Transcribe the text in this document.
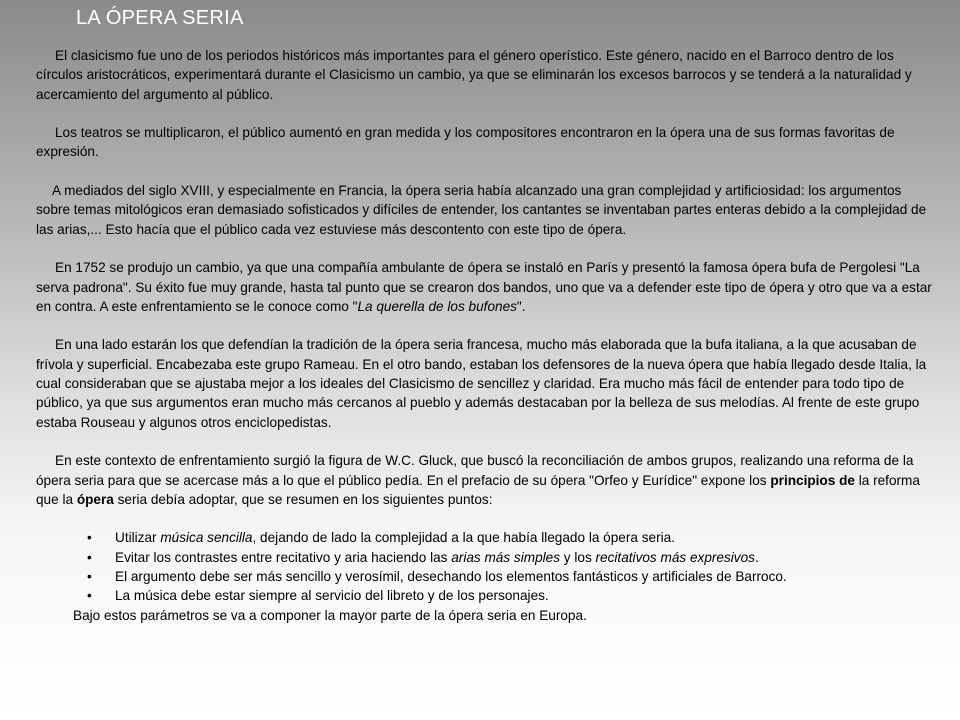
LA ÓPERA SERIA

El clasicismo fue uno de los periodos históricos más importantes para el género operístico. Este género, nacido en el Barroco dentro de los círculos aristocráticos, experimentará durante el Clasicismo un cambio, ya que se eliminarán los excesos barrocos y se tenderá a la naturalidad y acercamiento del argumento al público.

Los teatros se multiplicaron, el público aumentó en gran medida y los compositores encontraron en la ópera una de sus formas favoritas de expresión.

A mediados del siglo XVIII, y especialmente en Francia, la ópera seria había alcanzado una gran complejidad y artificiosidad: los argumentos sobre temas mitológicos eran demasiado sofisticados y difíciles de entender, los cantantes se inventaban partes enteras debido a la complejidad de las arias,... Esto hacía que el público cada vez estuviese más descontento con este tipo de ópera.

En 1752 se produjo un cambio, ya que una compañía ambulante de ópera se instaló en París y presentó la famosa ópera bufa de Pergolesi "La serva padrona". Su éxito fue muy grande, hasta tal punto que se crearon dos bandos, uno que va a defender este tipo de ópera y otro que va a estar en contra. A este enfrentamiento se le conoce como "La querella de los bufones".

En una lado estarán los que defendían la tradición de la ópera seria francesa, mucho más elaborada que la bufa italiana, a la que acusaban de frívola y superficial. Encabezaba este grupo Rameau. En el otro bando, estaban los defensores de la nueva ópera que había llegado desde Italia, la cual consideraban que se ajustaba mejor a los ideales del Clasicismo de sencillez y claridad. Era mucho más fácil de entender para todo tipo de público, ya que sus argumentos eran mucho más cercanos al pueblo y además destacaban por la belleza de sus melodías. Al frente de este grupo estaba Rouseau y algunos otros enciclopedistas.

En este contexto de enfrentamiento surgió la figura de W.C. Gluck, que buscó la reconciliación de ambos grupos, realizando una reforma de la ópera seria para que se acercase más a lo que el público pedía. En el prefacio de su ópera "Orfeo y Eurídice" expone los principios de la reforma que la ópera seria debía adoptar, que se resumen en los siguientes puntos:

• Utilizar música sencilla, dejando de lado la complejidad a la que había llegado la ópera seria.
• Evitar los contrastes entre recitativo y aria haciendo las arias más simples y los recitativos más expresivos.
• El argumento debe ser más sencillo y verosímil, desechando los elementos fantásticos y artificiales de Barroco.
• La música debe estar siempre al servicio del libreto y de los personajes.

Bajo estos parámetros se va a componer la mayor parte de la ópera seria en Europa.
